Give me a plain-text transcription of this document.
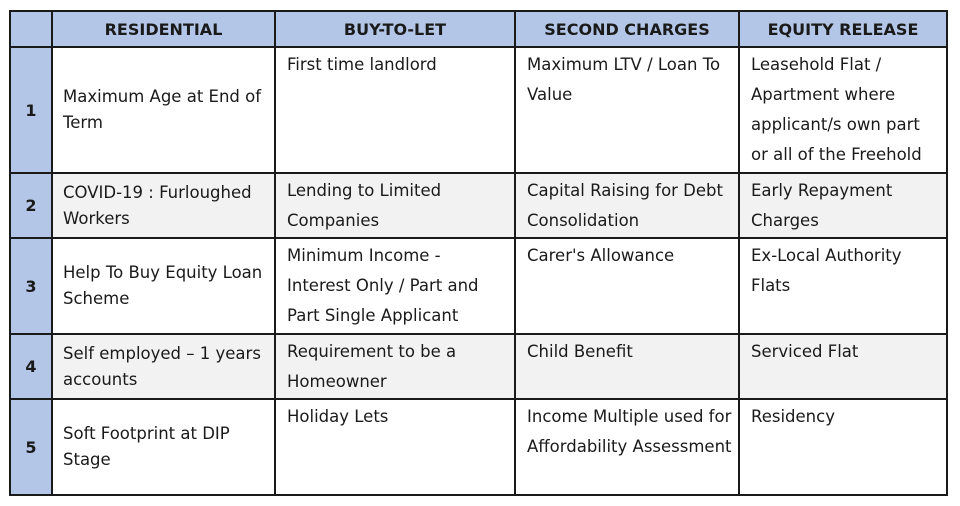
	RESIDENTIAL	BUY-TO-LET	SECOND CHARGES	EQUITY RELEASE
1	Maximum Age at End of Term	First time landlord	Maximum LTV / Loan To Value	Leasehold Flat / Apartment where applicant/s own part or all of the Freehold
2	COVID-19 : Furloughed Workers	Lending to Limited Companies	Capital Raising for Debt Consolidation	Early Repayment Charges
3	Help To Buy Equity Loan Scheme	Minimum Income - Interest Only / Part and Part Single Applicant	Carer's Allowance	Ex-Local Authority Flats
4	Self employed – 1 years accounts	Requirement to be a Homeowner	Child Benefit	Serviced Flat
5	Soft Footprint at DIP Stage	Holiday Lets	Income Multiple used for Affordability Assessment	Residency
